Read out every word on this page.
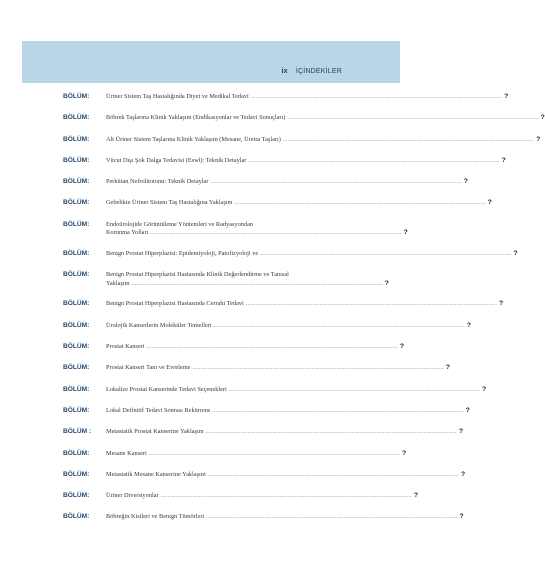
ix İÇİNDEKİLER
BÖLÜM:	Üriner Sistem Taş Hastalığında Diyet ve Medikal Tedavi .....	?
BÖLÜM:	Böbrek Taşlarına Klinik Yaklaşım (Endikasyonlar ve Tedavi Sonuçları) .....	?
BÖLÜM:	Alt Üriner Sistem Taşlarına Klinik Yaklaşım (Mesane, Üretra Taşları) .....	?
BÖLÜM:	Vücut Dışı Şok Dalga Tedavisi (Eswl): Teknik Detaylar .....	?
BÖLÜM:	Perkütan Nefrolitotomi: Teknik Detaylar .....	?
BÖLÜM:	Gebelikte Üriner Sistem Taş Hastalığına Yaklaşım .....	?
BÖLÜM:	Endoürolojide Görüntüleme Yöntemleri ve Radyasyondan
Korunma Yolları .....	?
BÖLÜM:	Benign Prostat Hiperplazisi: Epidemiyoloji, Patofizyoloji ve .....	?
BÖLÜM:	Benign Prostat Hiperplazisi Hastasında Klinik Değerlendirme ve Tanısal
Yaklaşım .....	?
BÖLÜM:	Benign Prostat Hiperplazisi Hastasında Cerrahi Tedavi .....	?
BÖLÜM:	Ürolojik Kanserlerin Moleküler Temelleri .....	?
BÖLÜM:	Prostat Kanseri .....	?
BÖLÜM:	Prostat Kanseri Tanı ve Evreleme .....	?
BÖLÜM:	Lokalize Prostat Kanserinde Tedavi Seçenekleri .....	?
BÖLÜM:	Lokal Definitif Tedavi Sonrası Rekürrens .....	?
BÖLÜM :	Metastatik Prostat Kanserine Yaklaşım .....	?
BÖLÜM:	Mesane Kanseri .....	?
BÖLÜM:	Metastatik Mesane Kanserine Yaklaşım .....	?
BÖLÜM:	Üriner Diversiyonlar .....	?
BÖLÜM:	Böbreğin Kistleri ve Benign Tümörleri .....	?
